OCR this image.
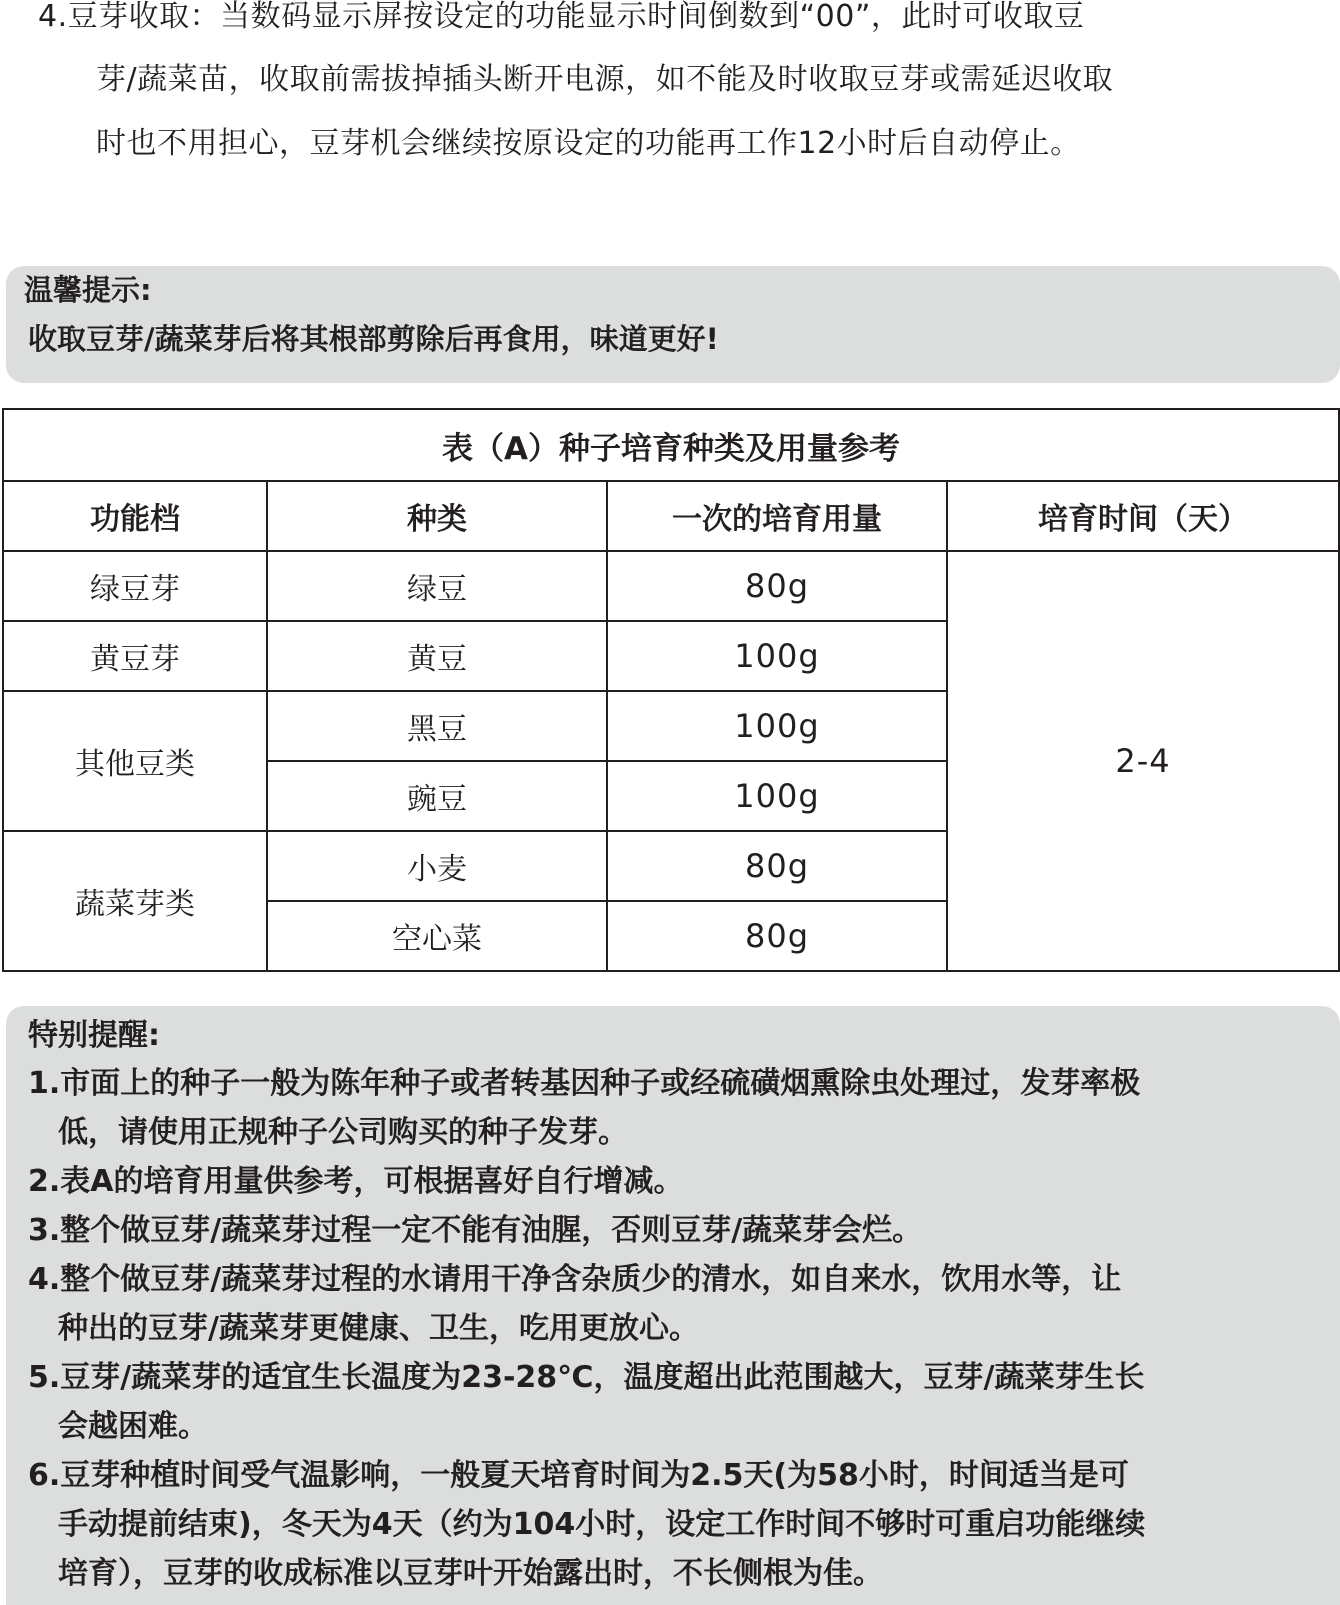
4.豆芽收取：当数码显示屏按设定的功能显示时间倒数到“00”，此时可收取豆
芽/蔬菜苗，收取前需拔掉插头断开电源，如不能及时收取豆芽或需延迟收取
时也不用担心，豆芽机会继续按原设定的功能再工作12小时后自动停止。
温馨提示:
收取豆芽/蔬菜芽后将其根部剪除后再食用，味道更好!
表（A）种子培育种类及用量参考			
功能档	种类	一次的培育用量	培育时间（天）
绿豆芽	绿豆	80g	2-4
黄豆芽	黄豆	100g	
其他豆类	黑豆	100g	
	豌豆	100g	
蔬菜芽类	小麦	80g	
	空心菜	80g	
特别提醒:
1.市面上的种子一般为陈年种子或者转基因种子或经硫磺烟熏除虫处理过，发芽率极
低，请使用正规种子公司购买的种子发芽。
2.表A的培育用量供参考，可根据喜好自行增减。
3.整个做豆芽/蔬菜芽过程一定不能有油腥，否则豆芽/蔬菜芽会烂。
4.整个做豆芽/蔬菜芽过程的水请用干净含杂质少的清水，如自来水，饮用水等，让
种出的豆芽/蔬菜芽更健康、卫生，吃用更放心。
5.豆芽/蔬菜芽的适宜生长温度为23-28℃，温度超出此范围越大，豆芽/蔬菜芽生长
会越困难。
6.豆芽种植时间受气温影响，一般夏天培育时间为2.5天(为58小时，时间适当是可
手动提前结束)，冬天为4天（约为104小时，设定工作时间不够时可重启功能继续
培育），豆芽的收成标准以豆芽叶开始露出时，不长侧根为佳。
